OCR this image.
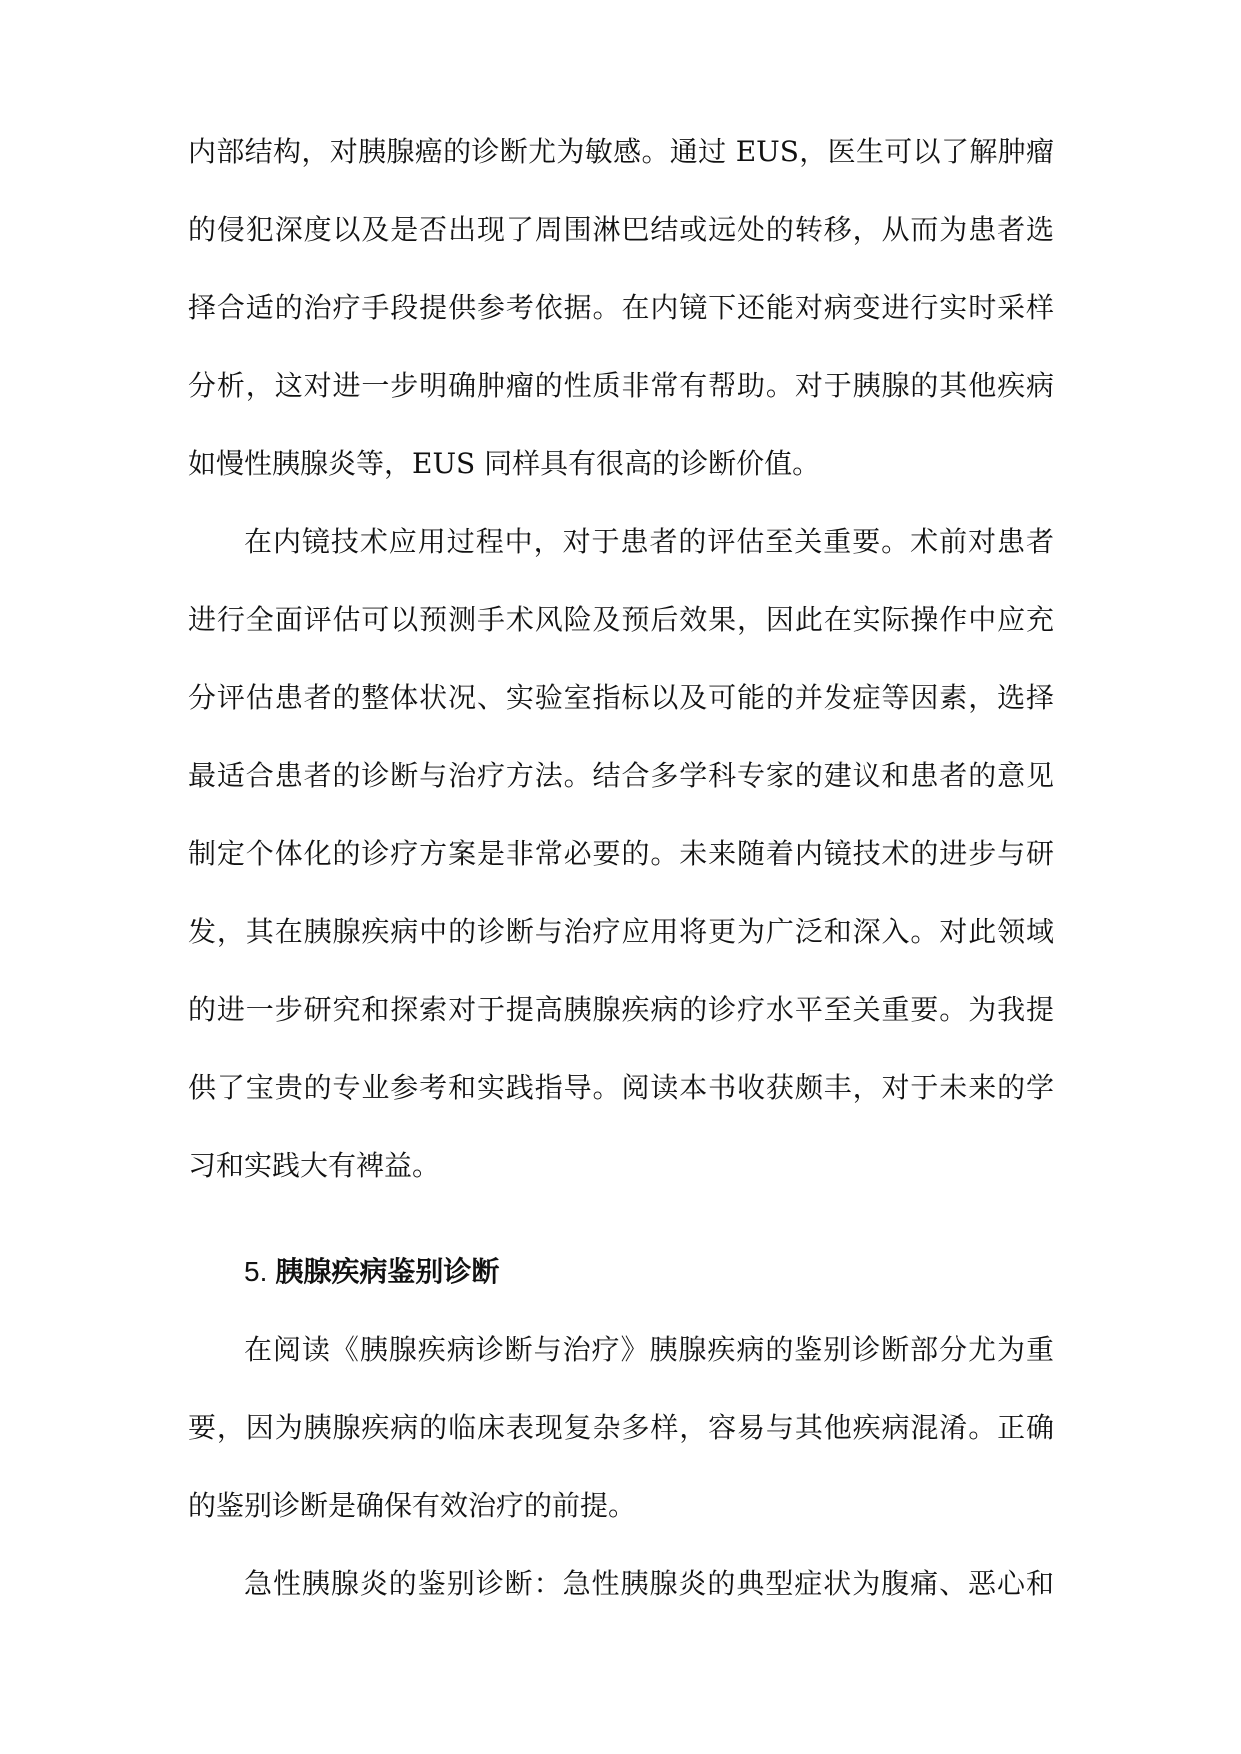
内部结构，对胰腺癌的诊断尤为敏感。通过 EUS，医生可以了解肿瘤
的侵犯深度以及是否出现了周围淋巴结或远处的转移，从而为患者选
择合适的治疗手段提供参考依据。在内镜下还能对病变进行实时采样
分析，这对进一步明确肿瘤的性质非常有帮助。对于胰腺的其他疾病
如慢性胰腺炎等，EUS 同样具有很高的诊断价值。
在内镜技术应用过程中，对于患者的评估至关重要。术前对患者
进行全面评估可以预测手术风险及预后效果，因此在实际操作中应充
分评估患者的整体状况、实验室指标以及可能的并发症等因素，选择
最适合患者的诊断与治疗方法。结合多学科专家的建议和患者的意见
制定个体化的诊疗方案是非常必要的。未来随着内镜技术的进步与研
发，其在胰腺疾病中的诊断与治疗应用将更为广泛和深入。对此领域
的进一步研究和探索对于提高胰腺疾病的诊疗水平至关重要。为我提
供了宝贵的专业参考和实践指导。阅读本书收获颇丰，对于未来的学
习和实践大有裨益。
5. 胰腺疾病鉴别诊断
在阅读《胰腺疾病诊断与治疗》胰腺疾病的鉴别诊断部分尤为重
要，因为胰腺疾病的临床表现复杂多样，容易与其他疾病混淆。正确
的鉴别诊断是确保有效治疗的前提。
急性胰腺炎的鉴别诊断：急性胰腺炎的典型症状为腹痛、恶心和
